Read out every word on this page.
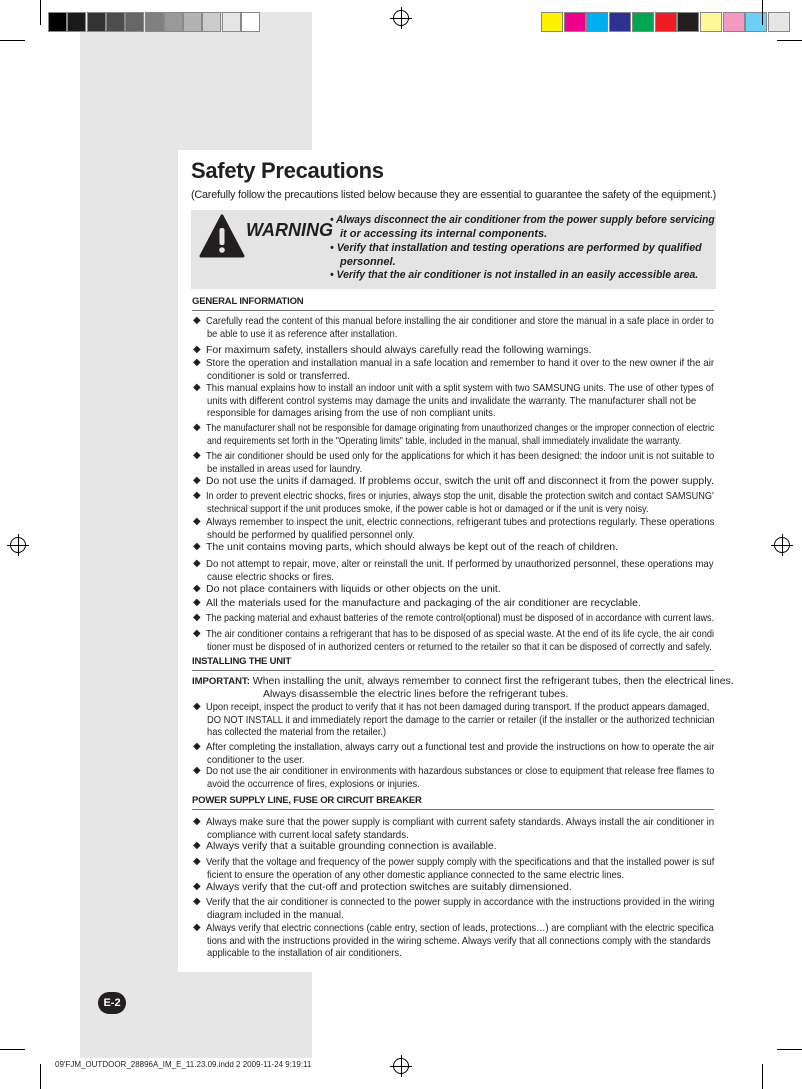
Safety Precautions
(Carefully follow the precautions listed below because they are essential to guarantee the safety of the equipment.)
WARNING
• Always disconnect the air conditioner from the power supply before servicing
it or accessing its internal components.
• Verify that installation and testing operations are performed by qualified
personnel.
• Verify that the air conditioner is not installed in an easily accessible area.
GENERAL INFORMATION
INSTALLING THE UNIT
IMPORTANT: When installing the unit, always remember to connect first the refrigerant tubes, then the electrical lines.
Always disassemble the electric lines before the refrigerant tubes.
POWER SUPPLY LINE, FUSE OR CIRCUIT BREAKER
◆ Carefully read the content of this manual before installing the air conditioner and store the manual in a safe place in order to
be able to use it as reference after installation.
◆ For maximum safety, installers should always carefully read the following warnings.
◆ Store the operation and installation manual in a safe location and remember to hand it over to the new owner if the air
conditioner is sold or transferred.
◆ This manual explains how to install an indoor unit with a split system with two SAMSUNG units. The use of other types of
units with different control systems may damage the units and invalidate the warranty. The manufacturer shall not be
responsible for damages arising from the use of non compliant units.
◆ The manufacturer shall not be responsible for damage originating from unauthorized changes or the improper connection of electric
and requirements set forth in the "Operating limits" table, included in the manual, shall immediately invalidate the warranty.
◆ The air conditioner should be used only for the applications for which it has been designed: the indoor unit is not suitable to
be installed in areas used for laundry.
◆ Do not use the units if damaged. If problems occur, switch the unit off and disconnect it from the power supply.
◆ In order to prevent electric shocks, fires or injuries, always stop the unit, disable the protection switch and contact SAMSUNG'
stechnical support if the unit produces smoke, if the power cable is hot or damaged or if the unit is very noisy.
◆ Always remember to inspect the unit, electric connections, refrigerant tubes and protections regularly. These operations
should be performed by qualified personnel only.
◆ The unit contains moving parts, which should always be kept out of the reach of children.
◆ Do not attempt to repair, move, alter or reinstall the unit. If performed by unauthorized personnel, these operations may
cause electric shocks or fires.
◆ Do not place containers with liquids or other objects on the unit.
◆ All the materials used for the manufacture and packaging of the air conditioner are recyclable.
◆ The packing material and exhaust batteries of the remote control(optional) must be disposed of in accordance with current laws.
◆ The air conditioner contains a refrigerant that has to be disposed of as special waste. At the end of its life cycle, the air condi
tioner must be disposed of in authorized centers or returned to the retailer so that it can be disposed of correctly and safely.
◆ Upon receipt, inspect the product to verify that it has not been damaged during transport. If the product appears damaged,
DO NOT INSTALL it and immediately report the damage to the carrier or retailer (if the installer or the authorized technician
has collected the material from the retailer.)
◆ After completing the installation, always carry out a functional test and provide the instructions on how to operate the air
conditioner to the user.
◆ Do not use the air conditioner in environments with hazardous substances or close to equipment that release free flames to
avoid the occurrence of fires, explosions or injuries.
◆ Always make sure that the power supply is compliant with current safety standards. Always install the air conditioner in
compliance with current local safety standards.
◆ Always verify that a suitable grounding connection is available.
◆ Verify that the voltage and frequency of the power supply comply with the specifications and that the installed power is suf
ficient to ensure the operation of any other domestic appliance connected to the same electric lines.
◆ Always verify that the cut-off and protection switches are suitably dimensioned.
◆ Verify that the air conditioner is connected to the power supply in accordance with the instructions provided in the wiring
diagram included in the manual.
◆ Always verify that electric connections (cable entry, section of leads, protections…) are compliant with the electric specifica
tions and with the instructions provided in the wiring scheme. Always verify that all connections comply with the standards
applicable to the installation of air conditioners.
E-2
09'FJM_OUTDOOR_28896A_IM_E_11.23.09.indd 2 2009-11-24 9:19:11
